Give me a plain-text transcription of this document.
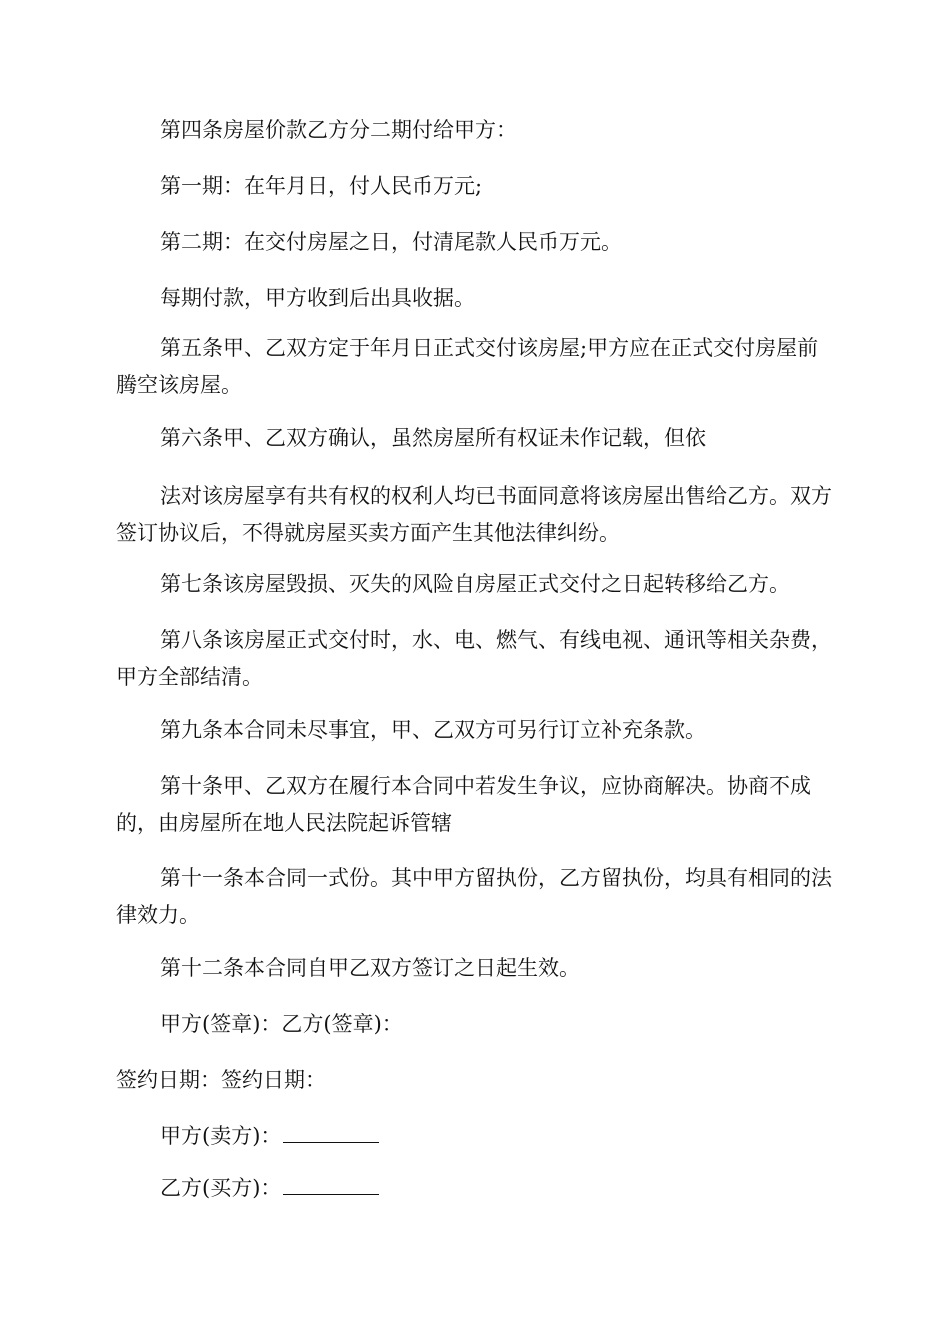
第四条房屋价款乙方分二期付给甲方：

第一期：在年月日，付人民币万元;

第二期：在交付房屋之日，付清尾款人民币万元。

每期付款，甲方收到后出具收据。

第五条甲、乙双方定于年月日正式交付该房屋;甲方应在正式交付房屋前腾空该房屋。

第六条甲、乙双方确认，虽然房屋所有权证未作记载，但依

法对该房屋享有共有权的权利人均已书面同意将该房屋出售给乙方。双方签订协议后，不得就房屋买卖方面产生其他法律纠纷。

第七条该房屋毁损、灭失的风险自房屋正式交付之日起转移给乙方。

第八条该房屋正式交付时，水、电、燃气、有线电视、通讯等相关杂费，甲方全部结清。

第九条本合同未尽事宜，甲、乙双方可另行订立补充条款。

第十条甲、乙双方在履行本合同中若发生争议，应协商解决。协商不成的，由房屋所在地人民法院起诉管辖

第十一条本合同一式份。其中甲方留执份，乙方留执份，均具有相同的法律效力。

第十二条本合同自甲乙双方签订之日起生效。

甲方(签章)：乙方(签章)：

签约日期：签约日期：

甲方(卖方)：

乙方(买方)：
